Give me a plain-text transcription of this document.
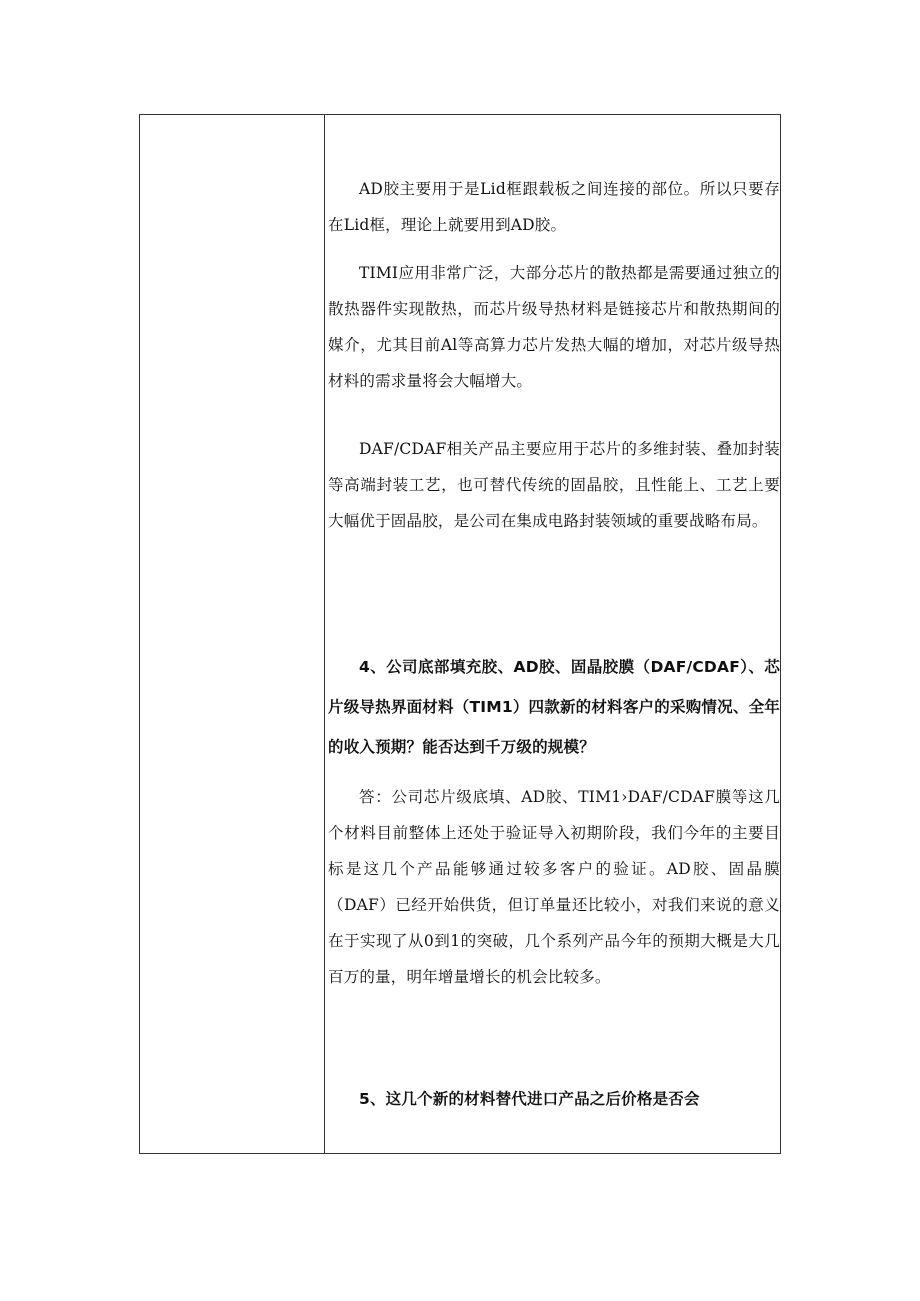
AD胶主要用于是Lid框跟载板之间连接的部位。所以只要存在Lid框，理论上就要用到AD胶。

TIMI应用非常广泛，大部分芯片的散热都是需要通过独立的散热器件实现散热，而芯片级导热材料是链接芯片和散热期间的媒介，尤其目前Al等高算力芯片发热大幅的增加，对芯片级导热材料的需求量将会大幅增大。

DAF/CDAF相关产品主要应用于芯片的多维封装、叠加封装等高端封装工艺，也可替代传统的固晶胶，且性能上、工艺上要大幅优于固晶胶，是公司在集成电路封装领域的重要战略布局。

4、公司底部填充胶、AD胶、固晶胶膜（DAF/CDAF）、芯片级导热界面材料（TIM1）四款新的材料客户的采购情况、全年的收入预期？能否达到千万级的规模？

答：公司芯片级底填、AD胶、TIM1›DAF/CDAF膜等这几个材料目前整体上还处于验证导入初期阶段，我们今年的主要目标是这几个产品能够通过较多客户的验证。AD胶、固晶膜（DAF）已经开始供货，但订单量还比较小，对我们来说的意义在于实现了从0到1的突破，几个系列产品今年的预期大概是大几百万的量，明年增量增长的机会比较多。

5、这几个新的材料替代进口产品之后价格是否会
